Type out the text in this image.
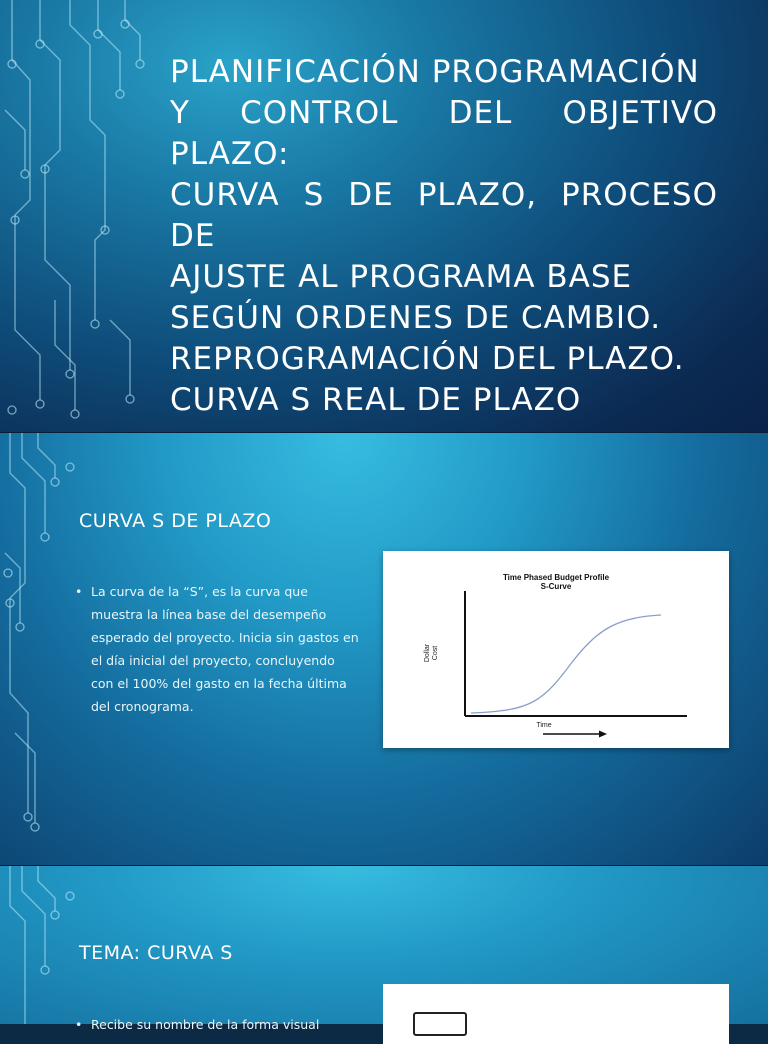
PLANIFICACIÓN PROGRAMACIÓN
Y CONTROL DEL OBJETIVO PLAZO:
CURVA S DE PLAZO, PROCESO DE
AJUSTE AL PROGRAMA BASE
SEGÚN ORDENES DE CAMBIO.
REPROGRAMACIÓN DEL PLAZO.
CURVA S REAL DE PLAZO
CURVA S DE PLAZO
• La curva de la “S”, es la curva que muestra la línea base del desempeño esperado del proyecto. Inicia sin gastos en el día inicial del proyecto, concluyendo con el 100% del gasto en la fecha última del cronograma.
Time Phased Budget Profile
S-Curve
Dollar Cost
Time
TEMA: CURVA S
• Recibe su nombre de la forma visual
